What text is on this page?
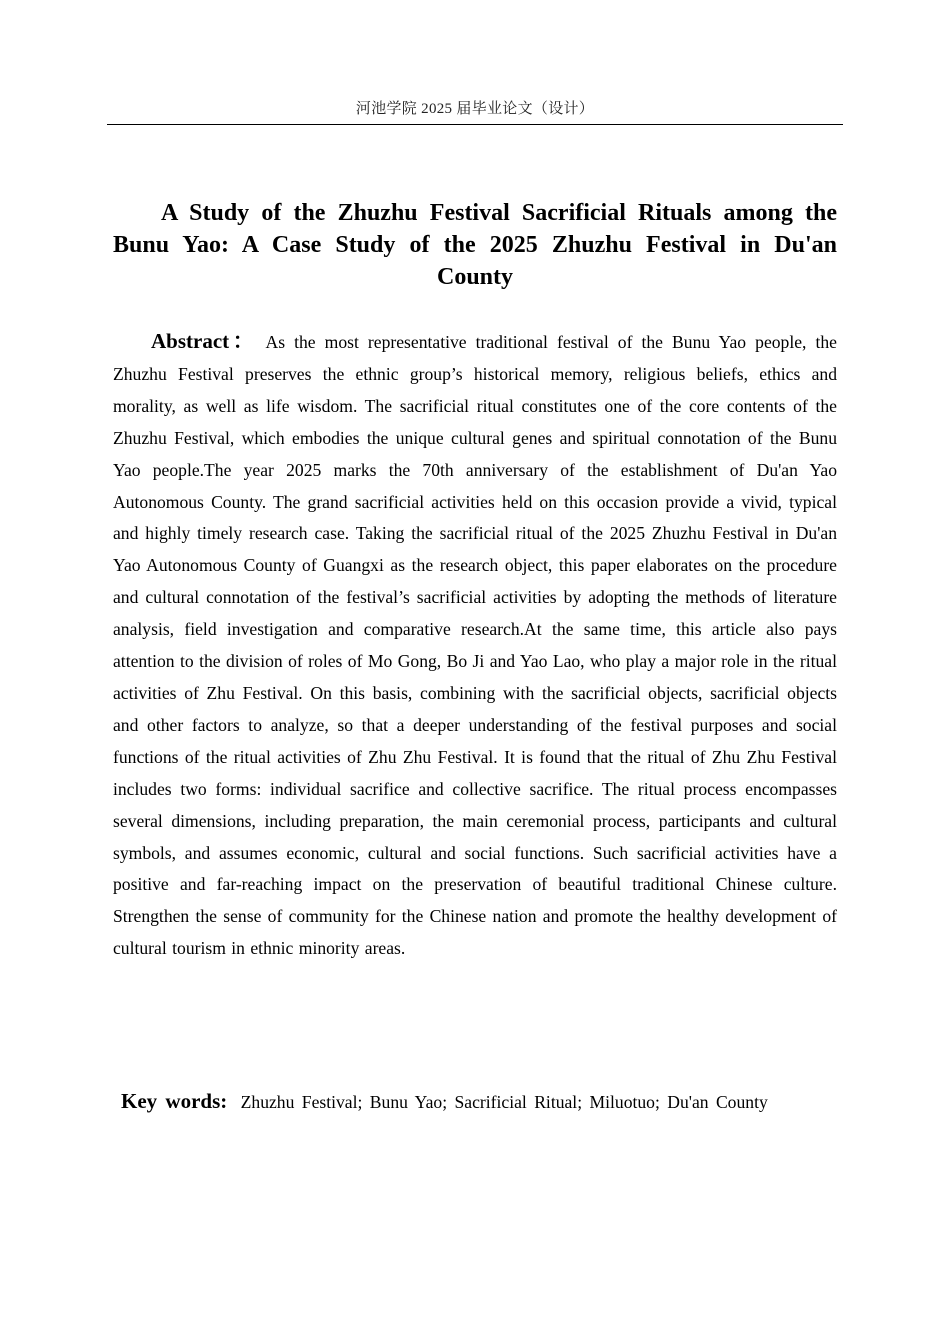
河池学院 2025 届毕业论文（设计）
A Study of the Zhuzhu Festival Sacrificial Rituals among the Bunu Yao: A Case Study of the 2025 Zhuzhu Festival in Du'an County
Abstract： As the most representative traditional festival of the Bunu Yao people, the Zhuzhu Festival preserves the ethnic group’s historical memory, religious beliefs, ethics and morality, as well as life wisdom. The sacrificial ritual constitutes one of the core contents of the Zhuzhu Festival, which embodies the unique cultural genes and spiritual connotation of the Bunu Yao people.The year 2025 marks the 70th anniversary of the establishment of Du'an Yao Autonomous County. The grand sacrificial activities held on this occasion provide a vivid, typical and highly timely research case. Taking the sacrificial ritual of the 2025 Zhuzhu Festival in Du'an Yao Autonomous County of Guangxi as the research object, this paper elaborates on the procedure and cultural connotation of the festival’s sacrificial activities by adopting the methods of literature analysis, field investigation and comparative research.At the same time, this article also pays attention to the division of roles of Mo Gong, Bo Ji and Yao Lao, who play a major role in the ritual activities of Zhu Festival. On this basis, combining with the sacrificial objects, sacrificial objects and other factors to analyze, so that a deeper understanding of the festival purposes and social functions of the ritual activities of Zhu Zhu Festival. It is found that the ritual of Zhu Zhu Festival includes two forms: individual sacrifice and collective sacrifice. The ritual process encompasses several dimensions, including preparation, the main ceremonial process, participants and cultural symbols, and assumes economic, cultural and social functions. Such sacrificial activities have a positive and far-reaching impact on the preservation of beautiful traditional Chinese culture. Strengthen the sense of community for the Chinese nation and promote the healthy development of cultural tourism in ethnic minority areas.
Key words: Zhuzhu Festival; Bunu Yao; Sacrificial Ritual; Miluotuo; Du'an County
